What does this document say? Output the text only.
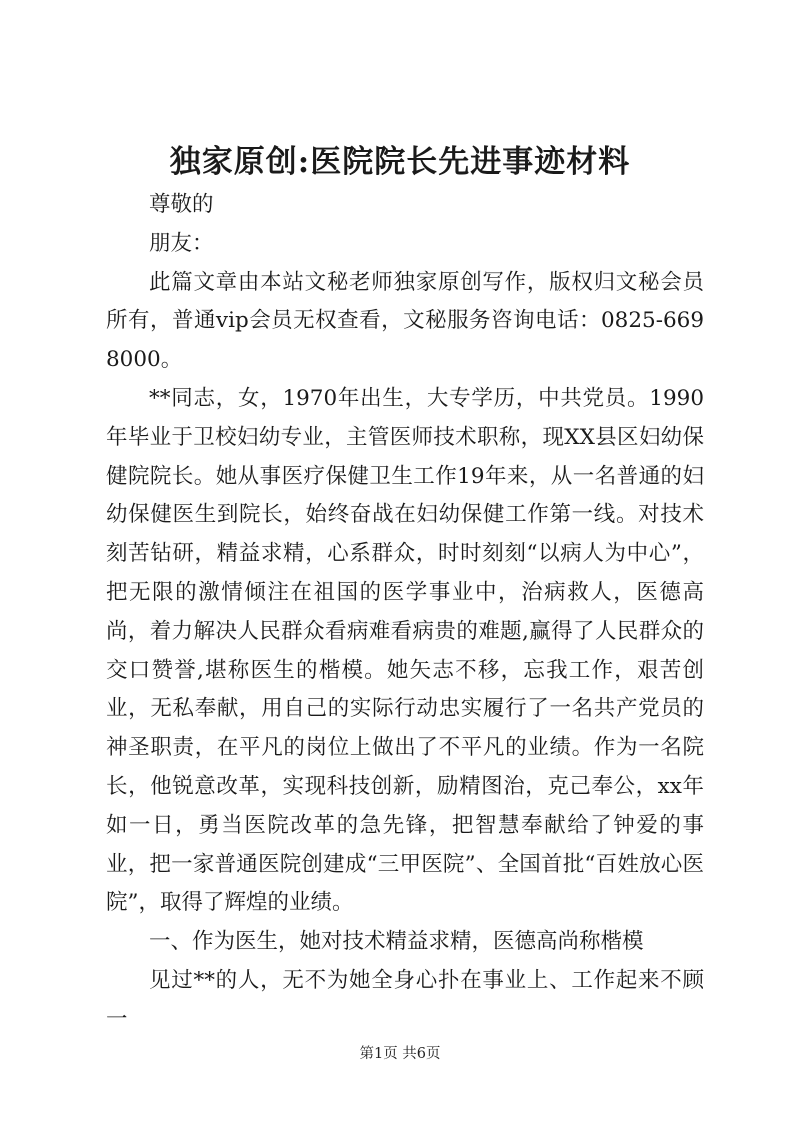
独家原创:医院院长先进事迹材料

尊敬的

朋友：

此篇文章由本站文秘老师独家原创写作，版权归文秘会员所有，普通vip会员无权查看，文秘服务咨询电话：0825-6698000。

**同志，女，1970年出生，大专学历，中共党员。1990年毕业于卫校妇幼专业，主管医师技术职称，现XX县区妇幼保健院院长。她从事医疗保健卫生工作19年来，从一名普通的妇幼保健医生到院长，始终奋战在妇幼保健工作第一线。对技术刻苦钻研，精益求精，心系群众，时时刻刻“以病人为中心”，把无限的激情倾注在祖国的医学事业中，治病救人，医德高尚，着力解决人民群众看病难看病贵的难题,赢得了人民群众的交口赞誉,堪称医生的楷模。她矢志不移，忘我工作，艰苦创业，无私奉献，用自己的实际行动忠实履行了一名共产党员的神圣职责，在平凡的岗位上做出了不平凡的业绩。作为一名院长，他锐意改革，实现科技创新，励精图治，克己奉公，xx年如一日，勇当医院改革的急先锋，把智慧奉献给了钟爱的事业，把一家普通医院创建成“三甲医院”、全国首批“百姓放心医院”，取得了辉煌的业绩。

一、作为医生，她对技术精益求精，医德高尚称楷模

见过**的人，无不为她全身心扑在事业上、工作起来不顾一

第1页 共6页
